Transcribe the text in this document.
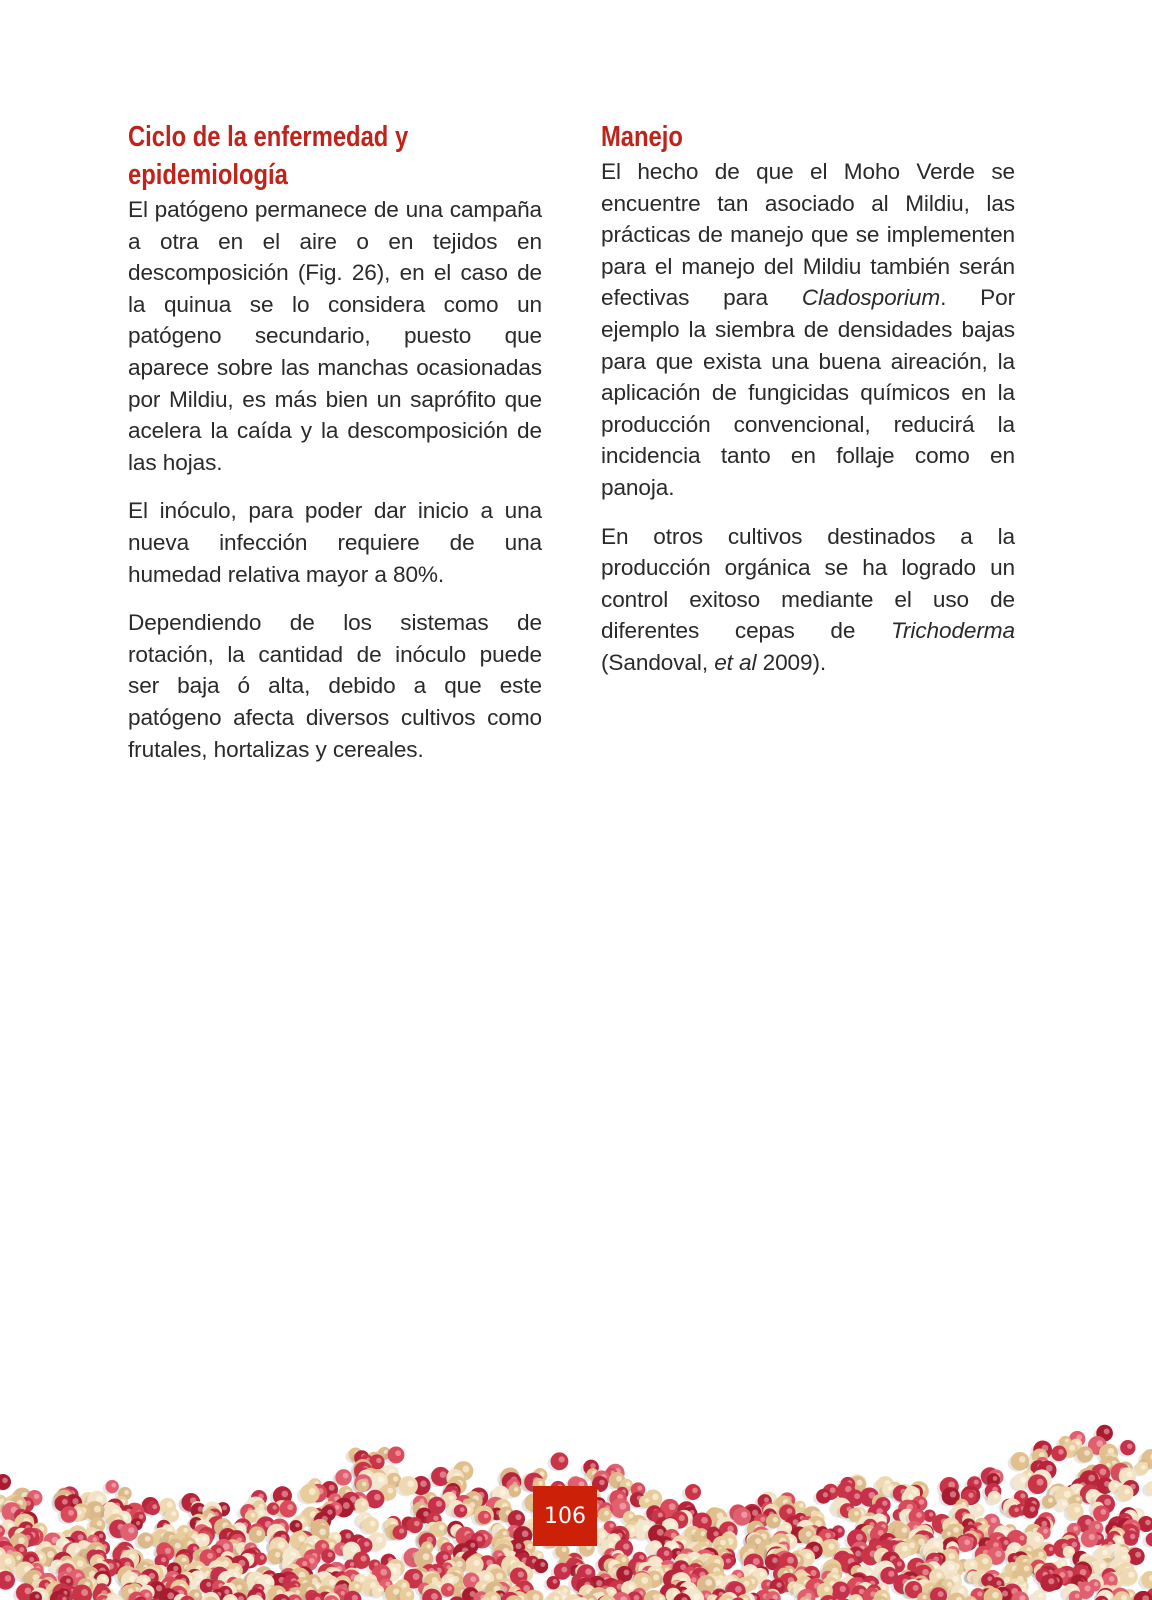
Ciclo de la enfermedad y
epidemiología

El patógeno permanece de una campaña a otra en el aire o en tejidos en descomposición (Fig. 26), en el caso de la quinua se lo considera como un patógeno secundario, puesto que aparece sobre las manchas ocasionadas por Mildiu, es más bien un saprófito que acelera la caída y la descomposición de las hojas.

El inóculo, para poder dar inicio a una nueva infección requiere de una humedad relativa mayor a 80%.

Dependiendo de los sistemas de rotación, la cantidad de inóculo puede ser baja ó alta, debido a que este patógeno afecta diversos cultivos como frutales, hortalizas y cereales.

Manejo

El hecho de que el Moho Verde se encuentre tan asociado al Mildiu, las prácticas de manejo que se implementen para el manejo del Mildiu también serán efectivas para Cladosporium. Por ejemplo la siembra de densidades bajas para que exista una buena aireación, la aplicación de fungicidas químicos en la producción convencional, reducirá la incidencia tanto en follaje como en panoja.

En otros cultivos destinados a la producción orgánica se ha logrado un control exitoso mediante el uso de diferentes cepas de Trichoderma (Sandoval, et al 2009).

106
